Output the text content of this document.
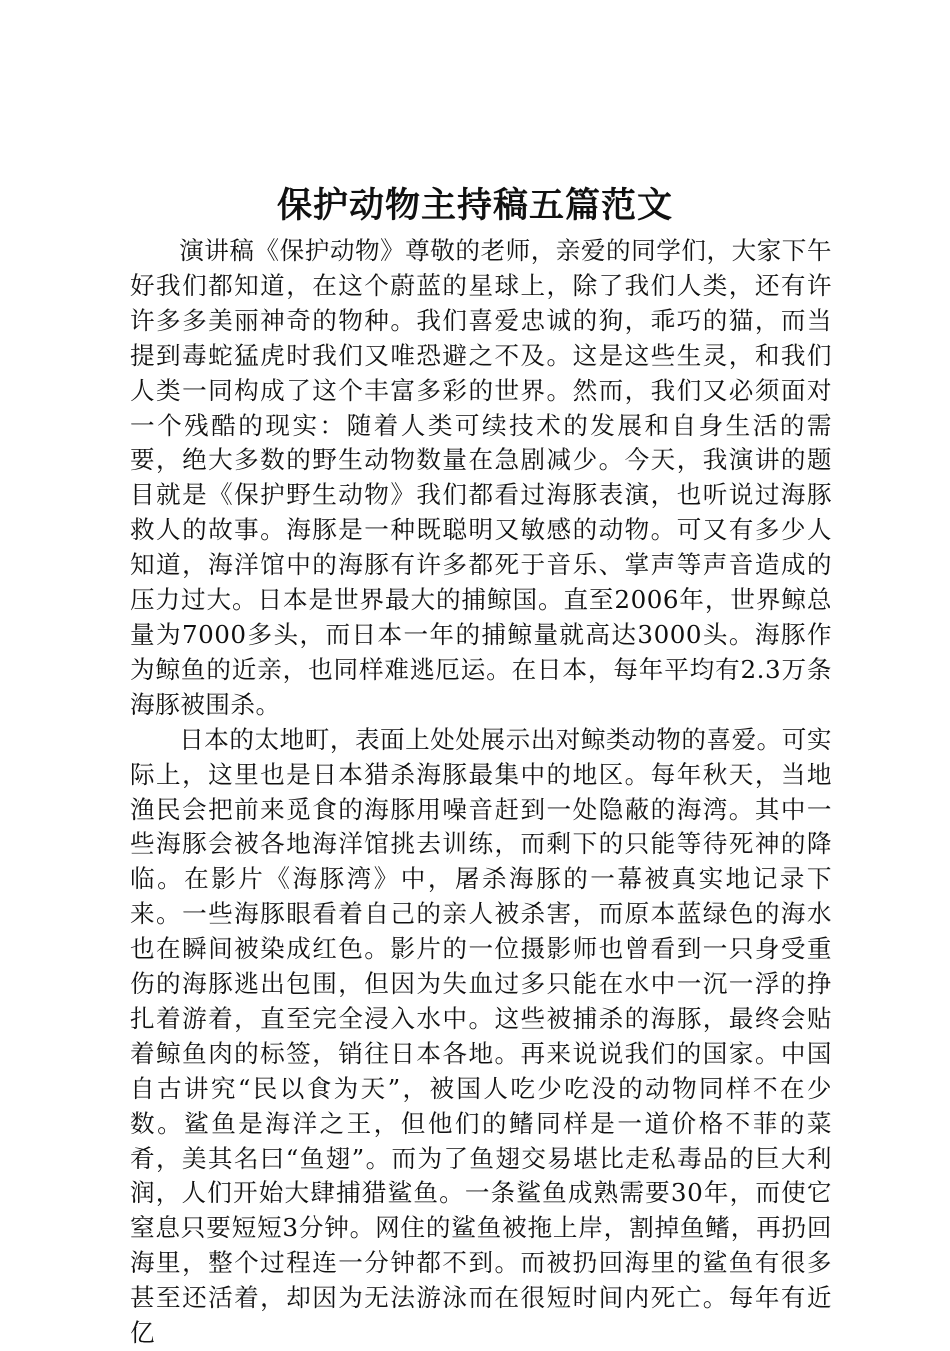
保护动物主持稿五篇范文

演讲稿《保护动物》尊敬的老师，亲爱的同学们，大家下午好我们都知道，在这个蔚蓝的星球上，除了我们人类，还有许许多多美丽神奇的物种。我们喜爱忠诚的狗，乖巧的猫，而当提到毒蛇猛虎时我们又唯恐避之不及。这是这些生灵，和我们人类一同构成了这个丰富多彩的世界。然而，我们又必须面对一个残酷的现实：随着人类可续技术的发展和自身生活的需要，绝大多数的野生动物数量在急剧减少。今天，我演讲的题目就是《保护野生动物》我们都看过海豚表演，也听说过海豚救人的故事。海豚是一种既聪明又敏感的动物。可又有多少人知道，海洋馆中的海豚有许多都死于音乐、掌声等声音造成的压力过大。日本是世界最大的捕鲸国。直至2006年，世界鲸总量为7000多头，而日本一年的捕鲸量就高达3000头。海豚作为鲸鱼的近亲，也同样难逃厄运。在日本，每年平均有2.3万条海豚被围杀。

日本的太地町，表面上处处展示出对鲸类动物的喜爱。可实际上，这里也是日本猎杀海豚最集中的地区。每年秋天，当地渔民会把前来觅食的海豚用噪音赶到一处隐蔽的海湾。其中一些海豚会被各地海洋馆挑去训练，而剩下的只能等待死神的降临。在影片《海豚湾》中，屠杀海豚的一幕被真实地记录下来。一些海豚眼看着自己的亲人被杀害，而原本蓝绿色的海水也在瞬间被染成红色。影片的一位摄影师也曾看到一只身受重伤的海豚逃出包围，但因为失血过多只能在水中一沉一浮的挣扎着游着，直至完全浸入水中。这些被捕杀的海豚，最终会贴着鲸鱼肉的标签，销往日本各地。再来说说我们的国家。中国自古讲究“民以食为天”，被国人吃少吃没的动物同样不在少数。鲨鱼是海洋之王，但他们的鳍同样是一道价格不菲的菜肴，美其名曰“鱼翅”。而为了鱼翅交易堪比走私毒品的巨大利润，人们开始大肆捕猎鲨鱼。一条鲨鱼成熟需要30年，而使它窒息只要短短3分钟。网住的鲨鱼被拖上岸，割掉鱼鳍，再扔回海里，整个过程连一分钟都不到。而被扔回海里的鲨鱼有很多甚至还活着，却因为无法游泳而在很短时间内死亡。每年有近亿
